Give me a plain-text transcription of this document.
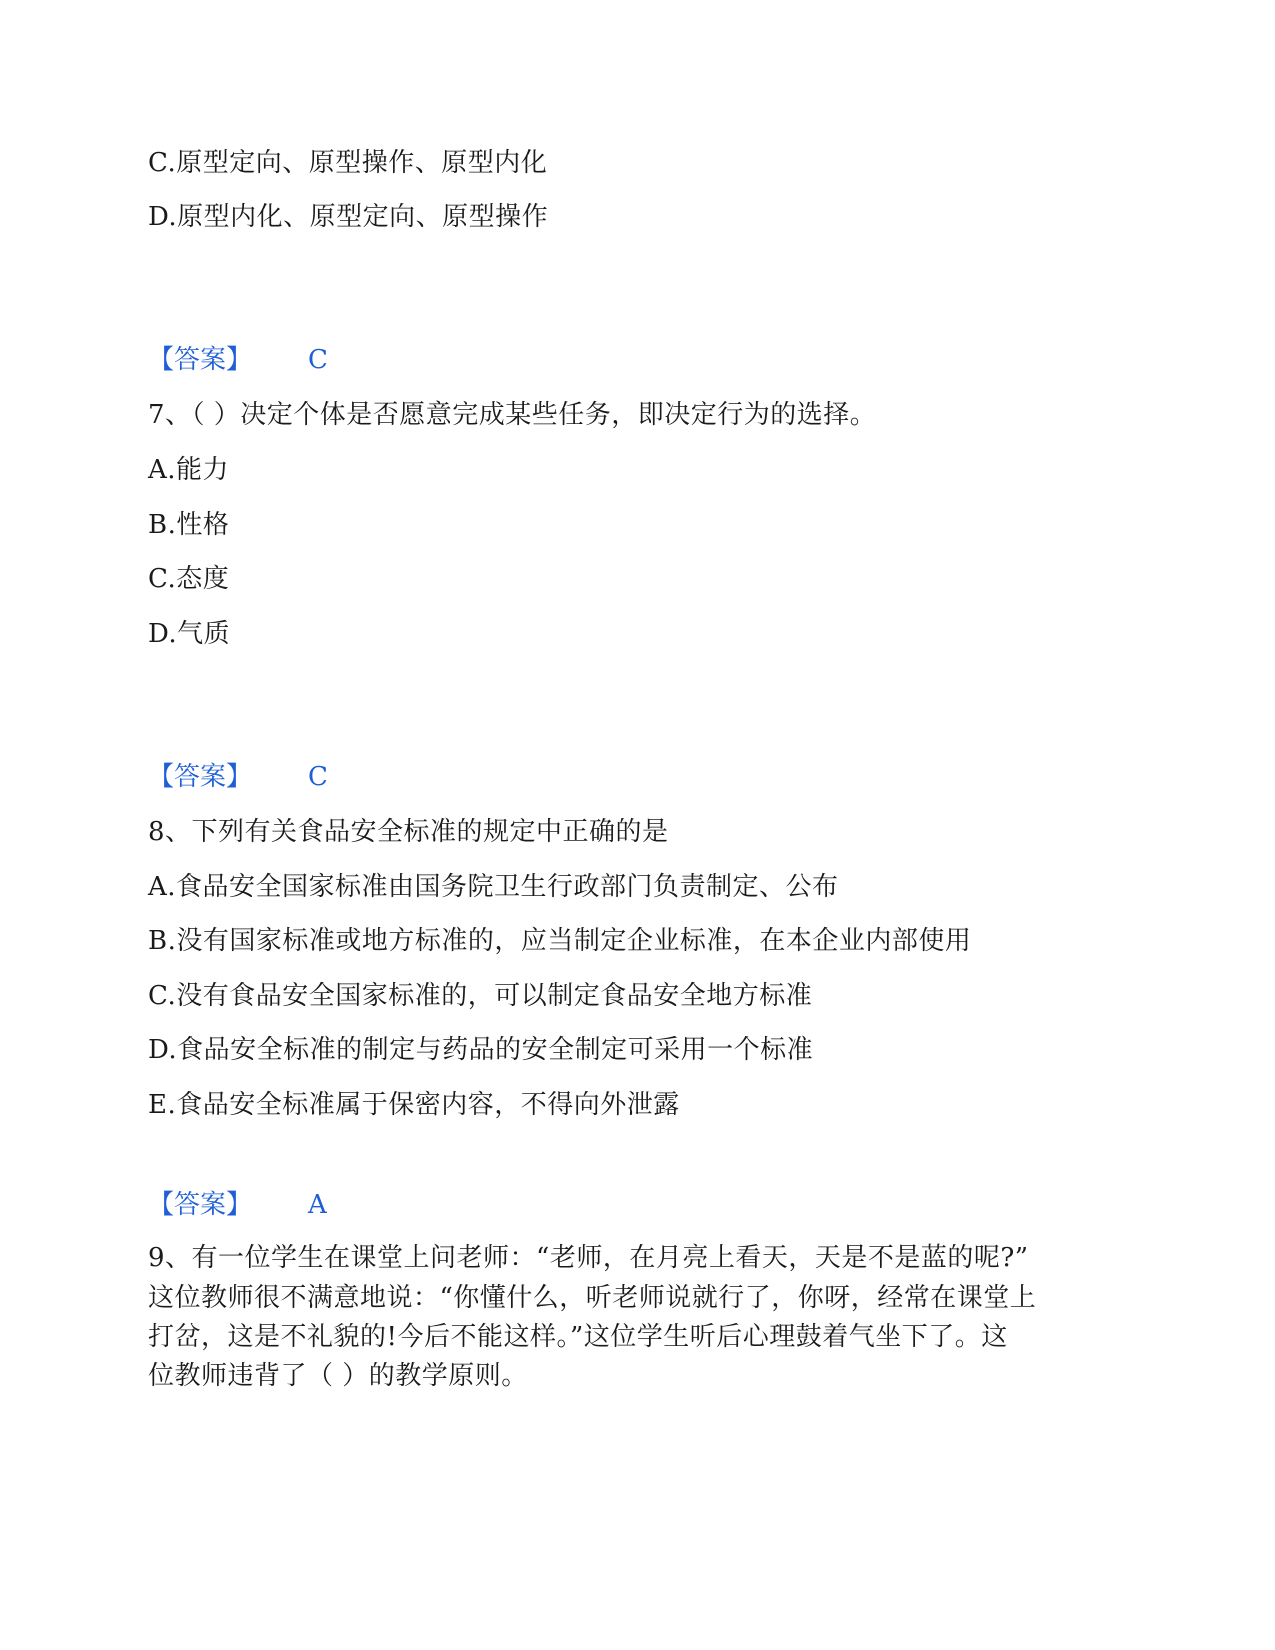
C.原型定向、原型操作、原型内化
D.原型内化、原型定向、原型操作
【答案】 C
7、（ ）决定个体是否愿意完成某些任务，即决定行为的选择。
A.能力
B.性格
C.态度
D.气质
【答案】 C
8、下列有关食品安全标准的规定中正确的是
A.食品安全国家标准由国务院卫生行政部门负责制定、公布
B.没有国家标准或地方标准的，应当制定企业标准，在本企业内部使用
C.没有食品安全国家标准的，可以制定食品安全地方标准
D.食品安全标准的制定与药品的安全制定可采用一个标准
E.食品安全标准属于保密内容，不得向外泄露
【答案】 A
9、有一位学生在课堂上问老师：“老师，在月亮上看天，天是不是蓝的呢?”
这位教师很不满意地说：“你懂什么，听老师说就行了，你呀，经常在课堂上
打岔，这是不礼貌的!今后不能这样。”这位学生听后心理鼓着气坐下了。这
位教师违背了（ ）的教学原则。
